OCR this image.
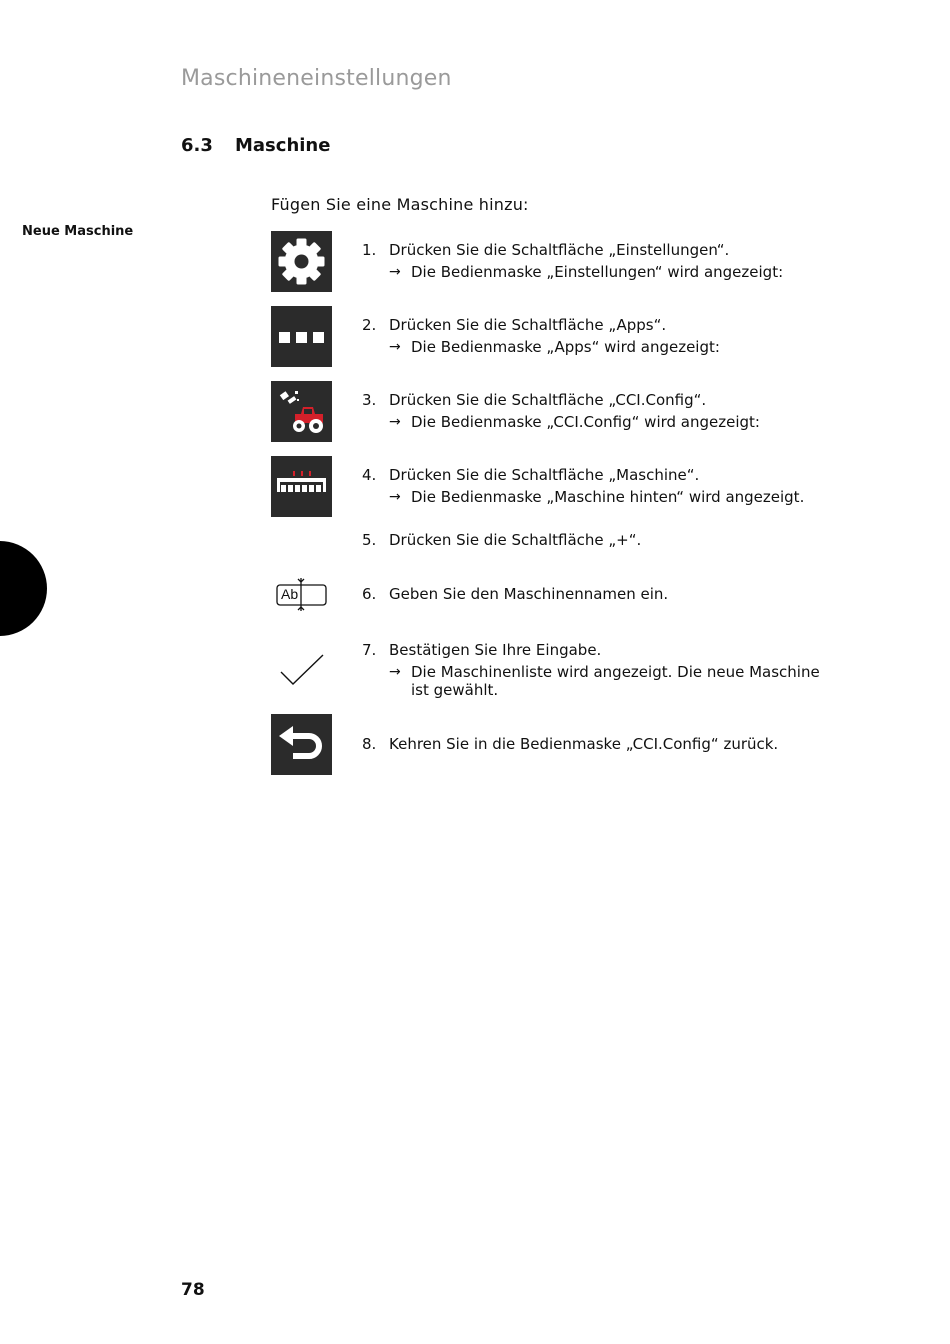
Maschineneinstellungen
6.3 Maschine
Neue Maschine
Fügen Sie eine Maschine hinzu:
Ab
1. Drücken Sie die Schaltfläche „Einstellungen“.
→ Die Bedienmaske „Einstellungen“ wird angezeigt:
2. Drücken Sie die Schaltfläche „Apps“.
→ Die Bedienmaske „Apps“ wird angezeigt:
3. Drücken Sie die Schaltfläche „CCI.Config“.
→ Die Bedienmaske „CCI.Config“ wird angezeigt:
4. Drücken Sie die Schaltfläche „Maschine“.
→ Die Bedienmaske „Maschine hinten“ wird angezeigt.
5. Drücken Sie die Schaltfläche „+“.
6. Geben Sie den Maschinennamen ein.
7. Bestätigen Sie Ihre Eingabe.
→ Die Maschinenliste wird angezeigt. Die neue Maschine ist gewählt.
8. Kehren Sie in die Bedienmaske „CCI.Config“ zurück.
78
